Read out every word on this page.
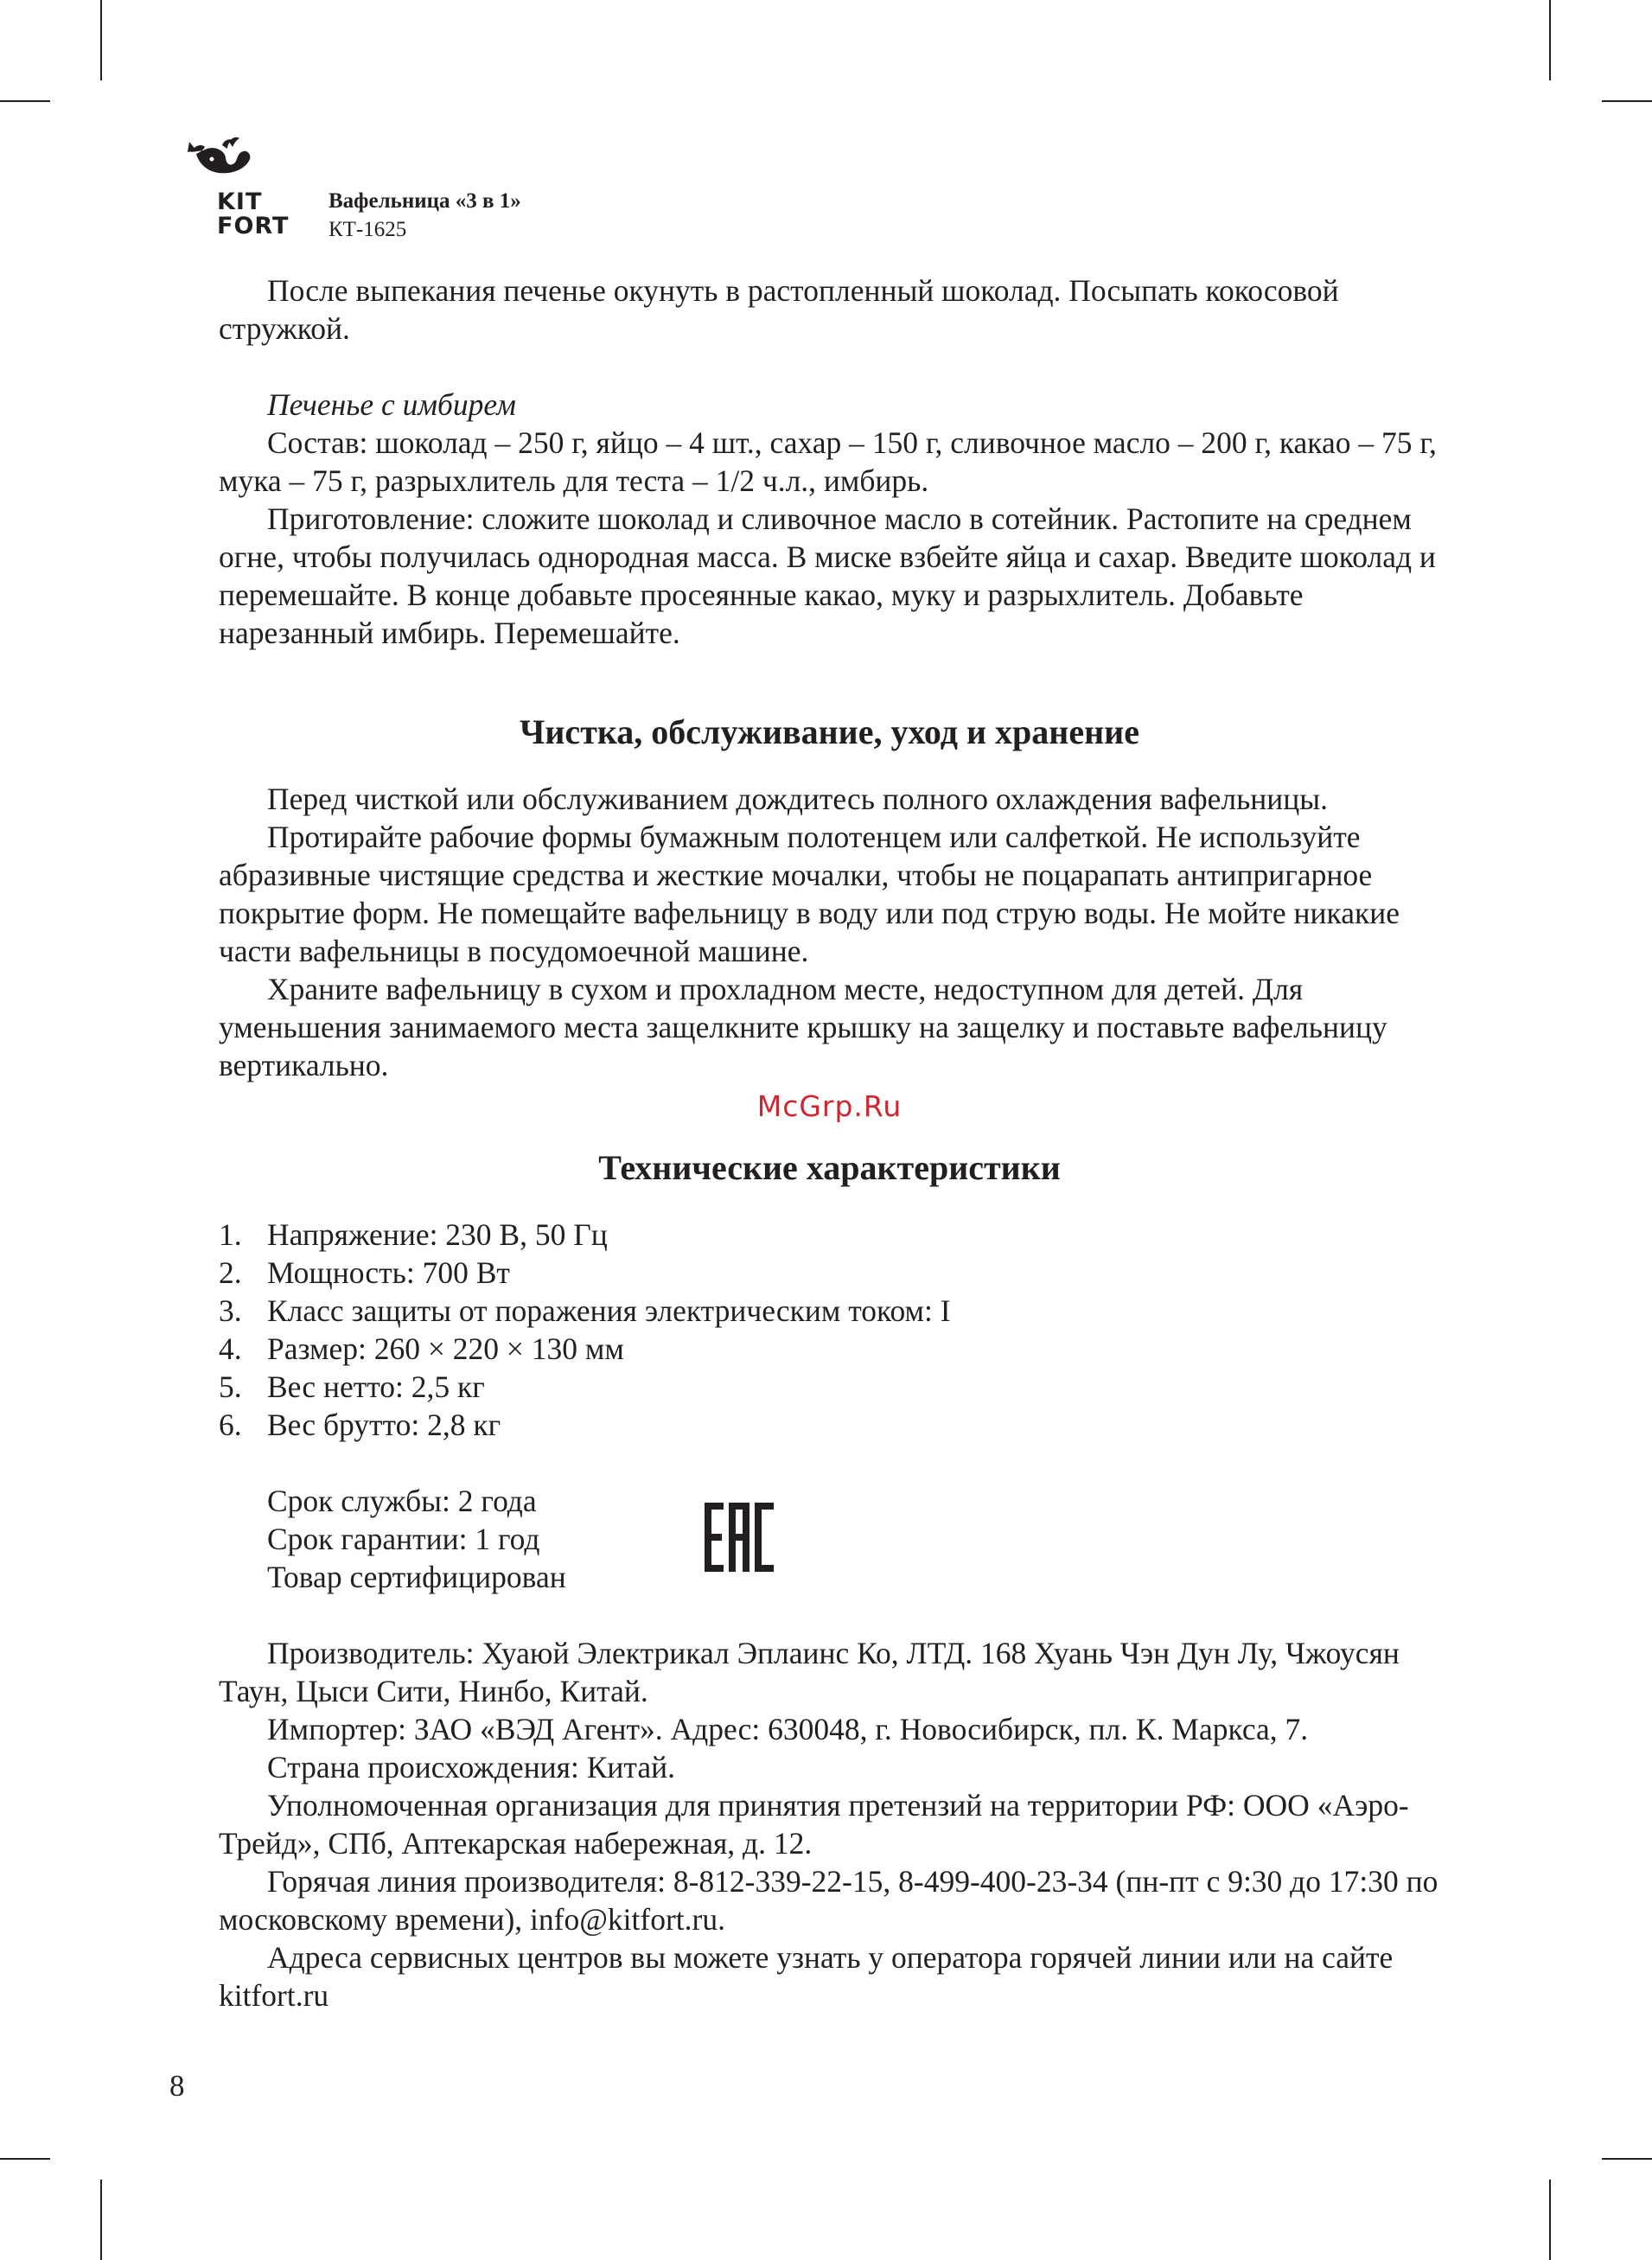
KIT
FORT
Вафельница «3 в 1»
КТ-1625

После выпекания печенье окунуть в растопленный шоколад. Посыпать кокосовой стружкой.

Печенье с имбирем

Состав: шоколад – 250 г, яйцо – 4 шт., сахар – 150 г, сливочное масло – 200 г, какао – 75 г, мука – 75 г, разрыхлитель для теста – 1/2 ч.л., имбирь.

Приготовление: сложите шоколад и сливочное масло в сотейник. Растопите на среднем огне, чтобы получилась однородная масса. В миске взбейте яйца и сахар. Введите шоколад и перемешайте. В конце добавьте просеянные какао, муку и разрыхлитель. Добавьте нарезанный имбирь. Перемешайте.

Чистка, обслуживание, уход и хранение

Перед чисткой или обслуживанием дождитесь полного охлаждения вафельницы.

Протирайте рабочие формы бумажным полотенцем или салфеткой. Не используйте абразивные чистящие средства и жесткие мочалки, чтобы не поцарапать антипригарное покрытие форм. Не помещайте вафельницу в воду или под струю воды. Не мойте никакие части вафельницы в посудомоечной машине.

Храните вафельницу в сухом и прохладном месте, недоступном для детей. Для уменьшения занимаемого места защелкните крышку на защелку и поставьте вафельницу вертикально.

McGrp.Ru

Технические характеристики

1. Напряжение: 230 В, 50 Гц
2. Мощность: 700 Вт
3. Класс защиты от поражения электрическим током: I
4. Размер: 260 × 220 × 130 мм
5. Вес нетто: 2,5 кг
6. Вес брутто: 2,8 кг

Срок службы: 2 года

Срок гарантии: 1 год

Товар сертифицирован

Производитель: Хуаюй Электрикал Эплаинс Ко, ЛТД. 168 Хуань Чэн Дун Лу, Чжоусян Таун, Цыси Сити, Нинбо, Китай.

Импортер: ЗАО «ВЭД Агент». Адрес: 630048, г. Новосибирск, пл. К. Маркса, 7.

Страна происхождения: Китай.

Уполномоченная организация для принятия претензий на территории РФ: ООО «Аэро-Трейд», СПб, Аптекарская набережная, д. 12.

Горячая линия производителя: 8-812-339-22-15, 8-499-400-23-34 (пн-пт с 9:30 до 17:30 по московскому времени), info@kitfort.ru.

Адреса сервисных центров вы можете узнать у оператора горячей линии или на сайте kitfort.ru

8
